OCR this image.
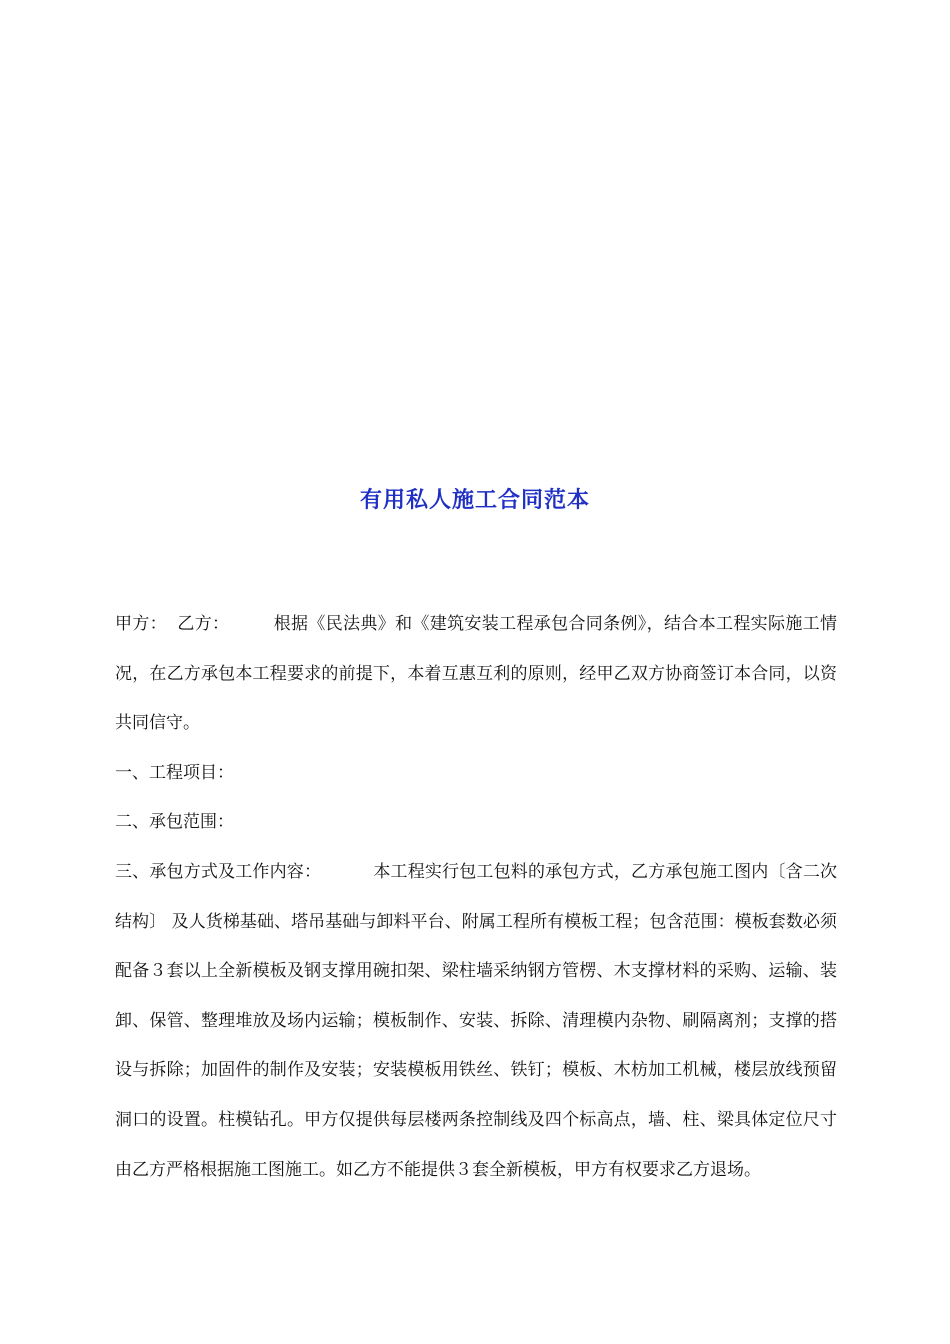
有用私人施工合同范本

甲方： 乙方：	根据《民法典》和《建筑安装工程承包合同条例》，结合本工程实际施工情况，在乙方承包本工程要求的前提下，本着互惠互利的原则，经甲乙双方协商签订本合同，以资共同信守。

一、工程项目：

二、承包范围：

三、承包方式及工作内容：	本工程实行包工包料的承包方式，乙方承包施工图内〔含二次结构〕 及人货梯基础、塔吊基础与卸料平台、附属工程所有模板工程；包含范围：模板套数必须配备３套以上全新模板及钢支撑用碗扣架、梁柱墙采纳钢方管楞、木支撑材料的采购、运输、装卸、保管、整理堆放及场内运输；模板制作、安装、拆除、清理模内杂物、刷隔离剂；支撑的搭设与拆除；加固件的制作及安装；安装模板用铁丝、铁钉；模板、木枋加工机械，楼层放线预留洞口的设置。柱模钻孔。甲方仅提供每层楼两条控制线及四个标高点，墙、柱、梁具体定位尺寸由乙方严格根据施工图施工。如乙方不能提供３套全新模板，甲方有权要求乙方退场。
